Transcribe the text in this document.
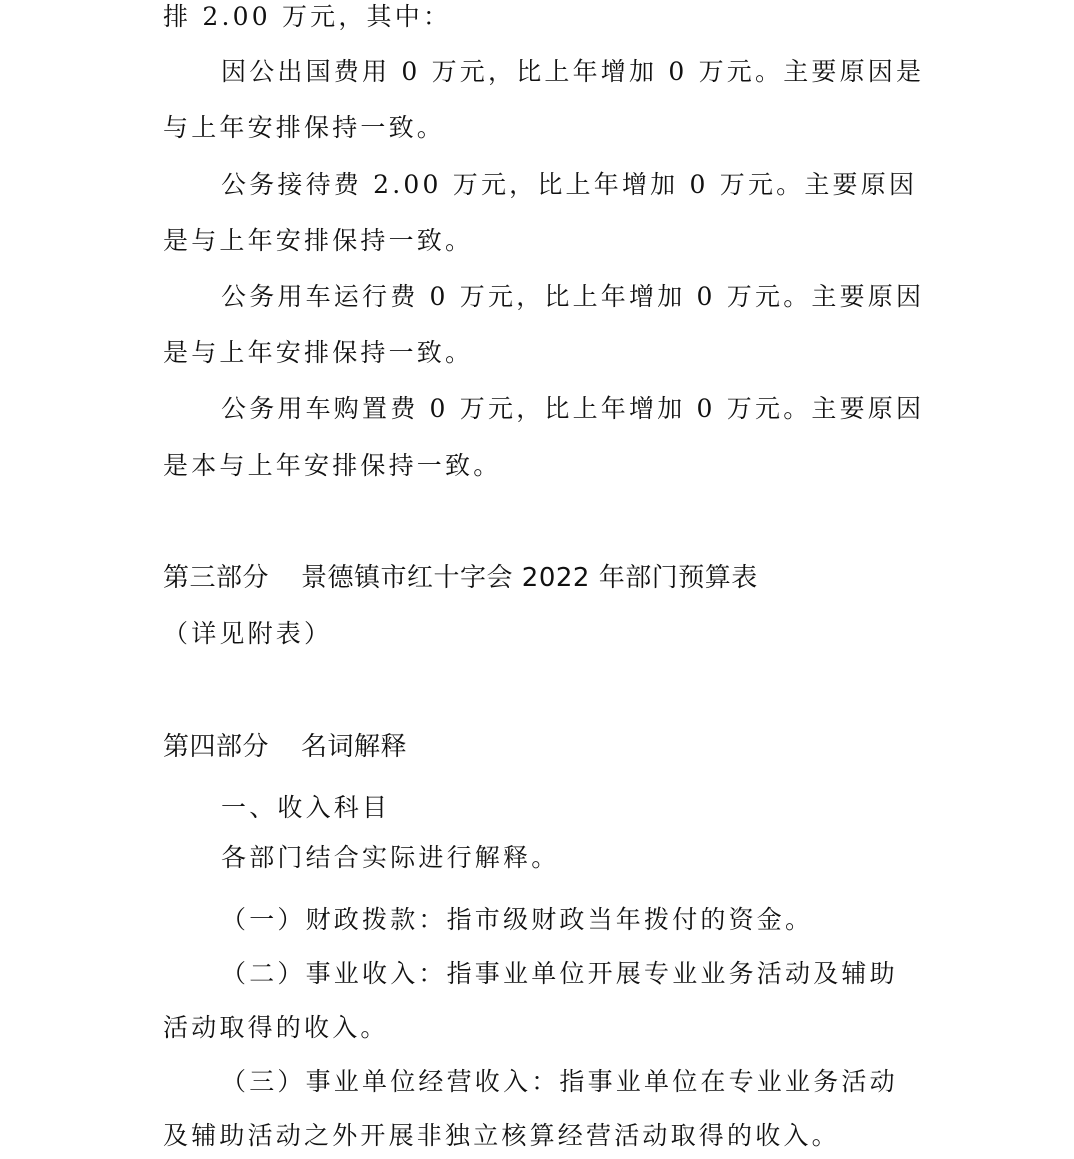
排 2.00 万元，其中：
因公出国费用 0 万元，比上年增加 0 万元。主要原因是
与上年安排保持一致。
公务接待费 2.00 万元，比上年增加 0 万元。主要原因
是与上年安排保持一致。
公务用车运行费 0 万元，比上年增加 0 万元。主要原因
是与上年安排保持一致。
公务用车购置费 0 万元，比上年增加 0 万元。主要原因
是本与上年安排保持一致。
第三部分 景德镇市红十字会 2022 年部门预算表
（详见附表）
第四部分 名词解释
一、收入科目
各部门结合实际进行解释。
（一）财政拨款：指市级财政当年拨付的资金。
（二）事业收入：指事业单位开展专业业务活动及辅助
活动取得的收入。
（三）事业单位经营收入：指事业单位在专业业务活动
及辅助活动之外开展非独立核算经营活动取得的收入。
